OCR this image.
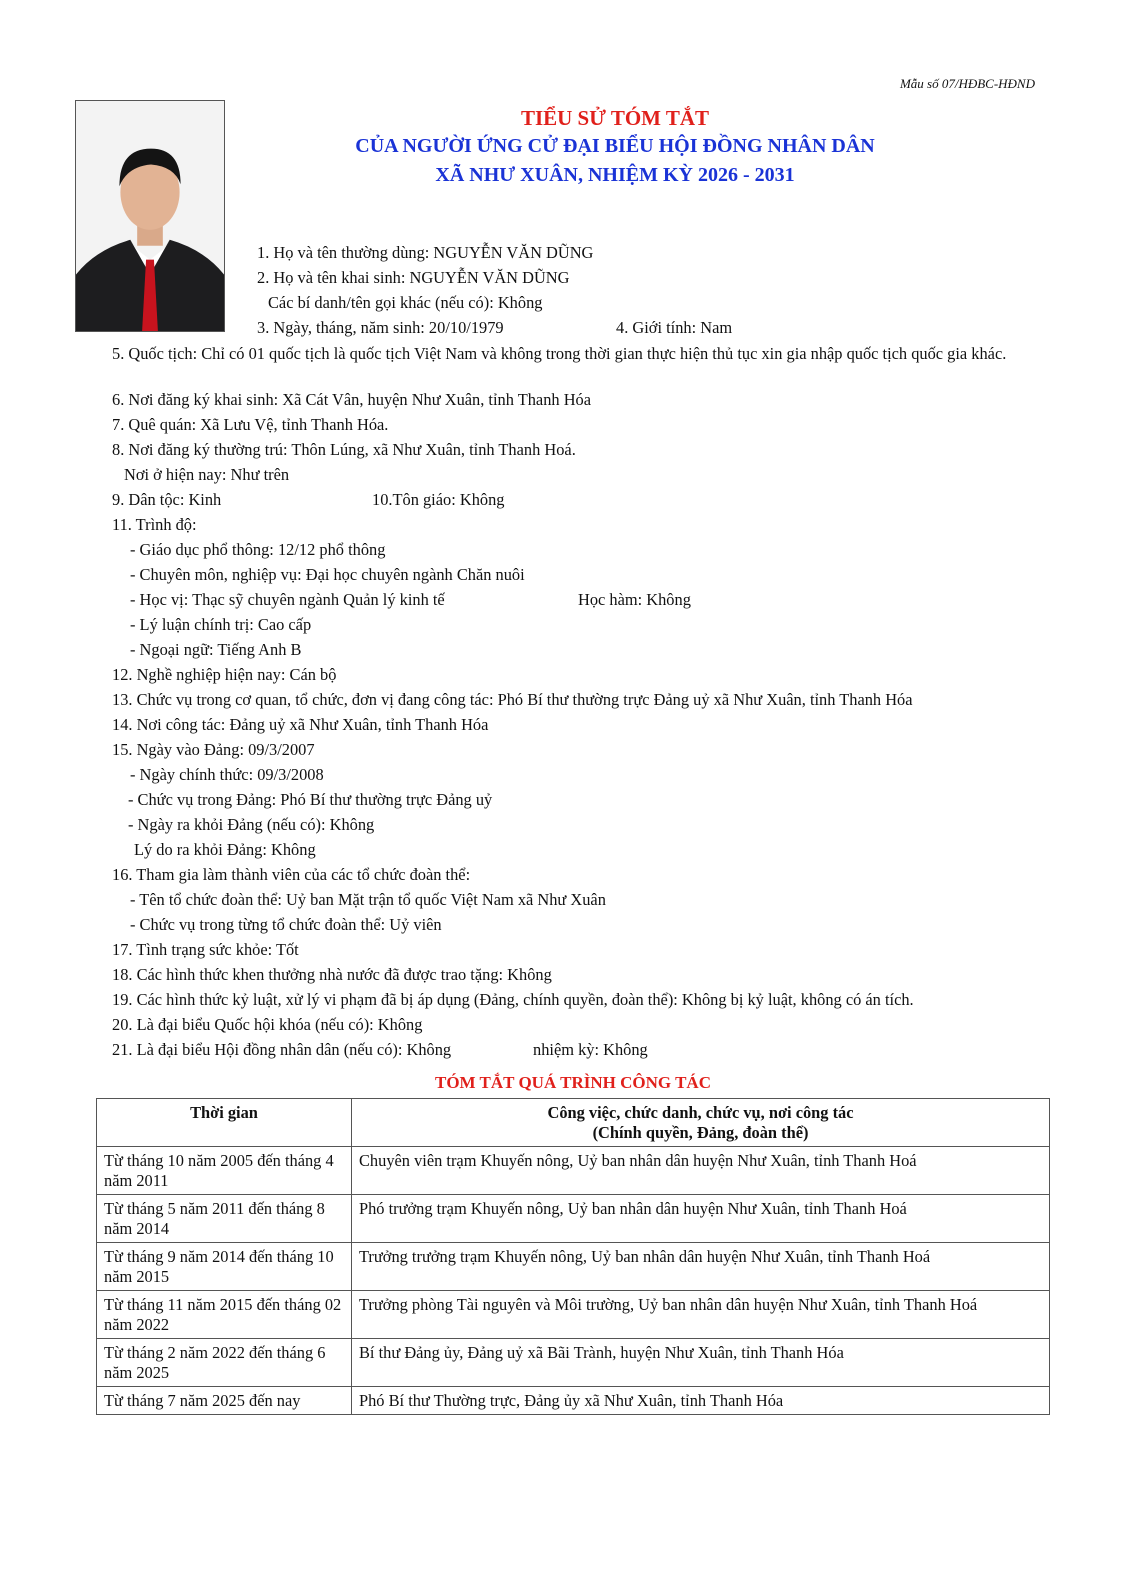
Mẫu số 07/HĐBC-HĐND
TIỂU SỬ TÓM TẮT
CỦA NGƯỜI ỨNG CỬ ĐẠI BIỂU HỘI ĐỒNG NHÂN DÂN
XÃ NHƯ XUÂN, NHIỆM KỲ 2026 - 2031
1. Họ và tên thường dùng: NGUYỄN VĂN DŨNG
2. Họ và tên khai sinh: NGUYỄN VĂN DŨNG
Các bí danh/tên gọi khác (nếu có): Không
3. Ngày, tháng, năm sinh: 20/10/1979	4. Giới tính: Nam
5. Quốc tịch: Chỉ có 01 quốc tịch là quốc tịch Việt Nam và không trong thời gian thực hiện thủ tục xin gia nhập quốc tịch quốc gia khác.
6. Nơi đăng ký khai sinh: Xã Cát Vân, huyện Như Xuân, tỉnh Thanh Hóa
7. Quê quán: Xã Lưu Vệ, tỉnh Thanh Hóa.
8. Nơi đăng ký thường trú: Thôn Lúng, xã Như Xuân, tỉnh Thanh Hoá.
Nơi ở hiện nay: Như trên
9. Dân tộc: Kinh	10.Tôn giáo: Không
11. Trình độ:
- Giáo dục phổ thông: 12/12 phổ thông
- Chuyên môn, nghiệp vụ: Đại học chuyên ngành Chăn nuôi
- Học vị: Thạc sỹ chuyên ngành Quản lý kinh tế	Học hàm: Không
- Lý luận chính trị: Cao cấp
- Ngoại ngữ: Tiếng Anh B
12. Nghề nghiệp hiện nay: Cán bộ
13. Chức vụ trong cơ quan, tổ chức, đơn vị đang công tác: Phó Bí thư thường trực Đảng uỷ xã Như Xuân, tỉnh Thanh Hóa
14. Nơi công tác: Đảng uỷ xã Như Xuân, tỉnh Thanh Hóa
15. Ngày vào Đảng: 09/3/2007
- Ngày chính thức: 09/3/2008
- Chức vụ trong Đảng: Phó Bí thư thường trực Đảng uỷ
- Ngày ra khỏi Đảng (nếu có): Không
Lý do ra khỏi Đảng: Không
16. Tham gia làm thành viên của các tổ chức đoàn thể:
- Tên tổ chức đoàn thể: Uỷ ban Mặt trận tổ quốc Việt Nam xã Như Xuân
- Chức vụ trong từng tổ chức đoàn thể: Uỷ viên
17. Tình trạng sức khỏe: Tốt
18. Các hình thức khen thưởng nhà nước đã được trao tặng: Không
19. Các hình thức kỷ luật, xử lý vi phạm đã bị áp dụng (Đảng, chính quyền, đoàn thể): Không bị kỷ luật, không có án tích.
20. Là đại biểu Quốc hội khóa (nếu có): Không
21. Là đại biểu Hội đồng nhân dân (nếu có): Không	nhiệm kỳ: Không
TÓM TẮT QUÁ TRÌNH CÔNG TÁC
Thời gian	Công việc, chức danh, chức vụ, nơi công tác
(Chính quyền, Đảng, đoàn thể)

Từ tháng 10 năm 2005 đến tháng 4 năm 2011	Chuyên viên trạm Khuyến nông, Uỷ ban nhân dân huyện Như Xuân, tỉnh Thanh Hoá
Từ tháng 5 năm 2011 đến tháng 8 năm 2014	Phó trưởng trạm Khuyến nông, Uỷ ban nhân dân huyện Như Xuân, tỉnh Thanh Hoá
Từ tháng 9 năm 2014 đến tháng 10 năm 2015	Trưởng trưởng trạm Khuyến nông, Uỷ ban nhân dân huyện Như Xuân, tỉnh Thanh Hoá
Từ tháng 11 năm 2015 đến tháng 02 năm 2022	Trưởng phòng Tài nguyên và Môi trường, Uỷ ban nhân dân huyện Như Xuân, tỉnh Thanh Hoá
Từ tháng 2 năm 2022 đến tháng 6 năm 2025	Bí thư Đảng ủy, Đảng uỷ xã Bãi Trành, huyện Như Xuân, tỉnh Thanh Hóa
Từ tháng 7 năm 2025 đến nay	Phó Bí thư Thường trực, Đảng ủy xã Như Xuân, tỉnh Thanh Hóa
